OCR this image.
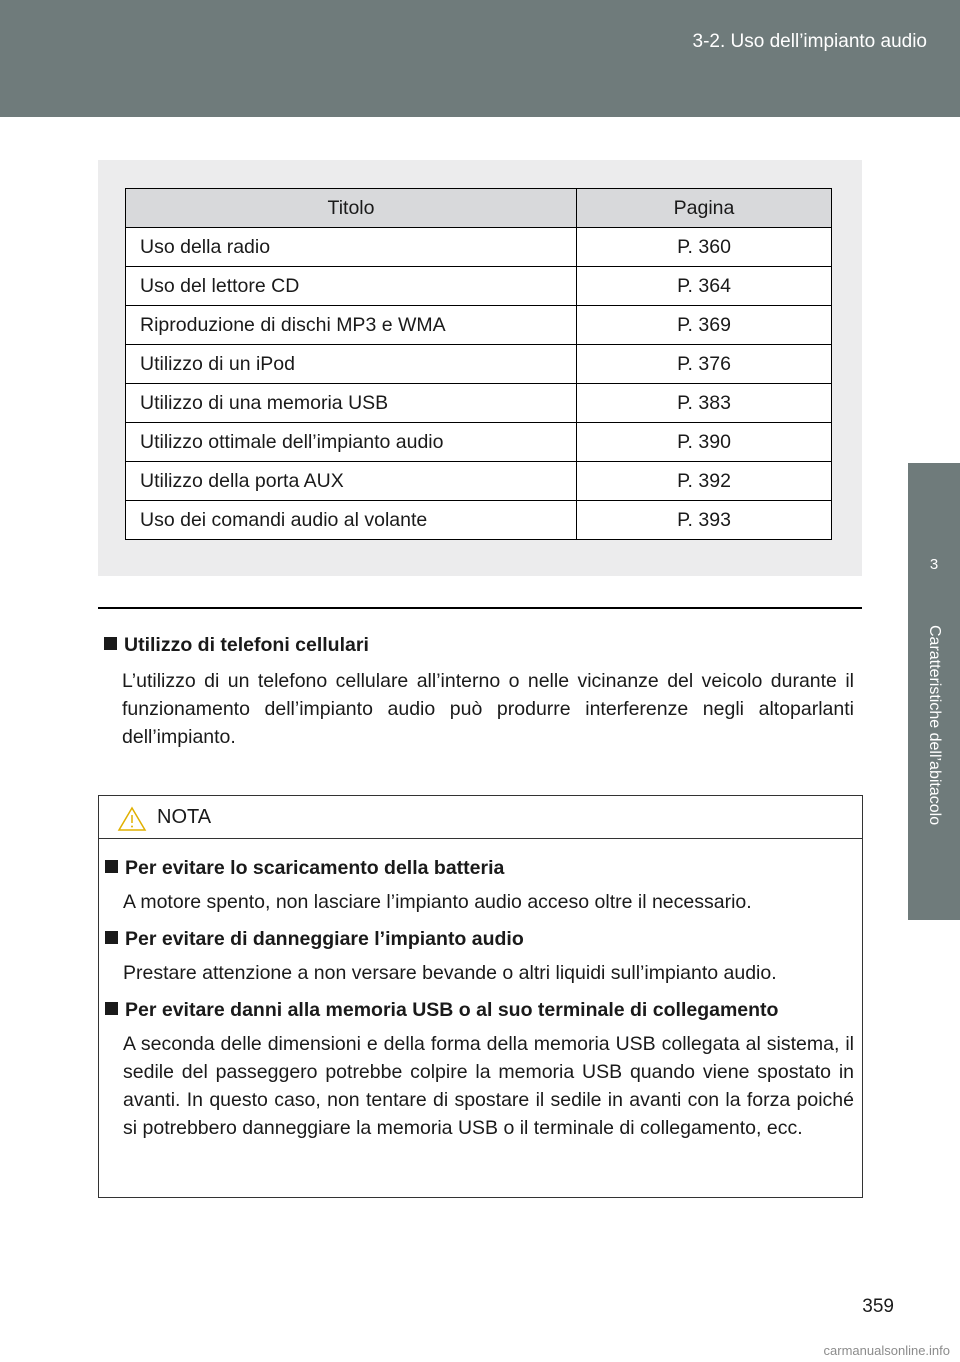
3-2. Uso dell’impianto audio
3
Caratteristiche dell’abitacolo
Titolo	Pagina
Uso della radio	P. 360
Uso del lettore CD	P. 364
Riproduzione di dischi MP3 e WMA	P. 369
Utilizzo di un iPod	P. 376
Utilizzo di una memoria USB	P. 383
Utilizzo ottimale dell’impianto audio	P. 390
Utilizzo della porta AUX	P. 392
Uso dei comandi audio al volante	P. 393
Utilizzo di telefoni cellulari
L’utilizzo di un telefono cellulare all’interno o nelle vicinanze del veicolo durante il funzionamento dell’impianto audio può produrre interferenze negli altoparlanti dell’impianto.
NOTA
Per evitare lo scaricamento della batteria
A motore spento, non lasciare l’impianto audio acceso oltre il necessario.
Per evitare di danneggiare l’impianto audio
Prestare attenzione a non versare bevande o altri liquidi sull’impianto audio.
Per evitare danni alla memoria USB o al suo terminale di collegamento
A seconda delle dimensioni e della forma della memoria USB collegata al sistema, il sedile del passeggero potrebbe colpire la memoria USB quando viene spostato in avanti. In questo caso, non tentare di spostare il sedile in avanti con la forza poiché si potrebbero danneggiare la memoria USB o il terminale di collegamento, ecc.
359
carmanualsonline.info
